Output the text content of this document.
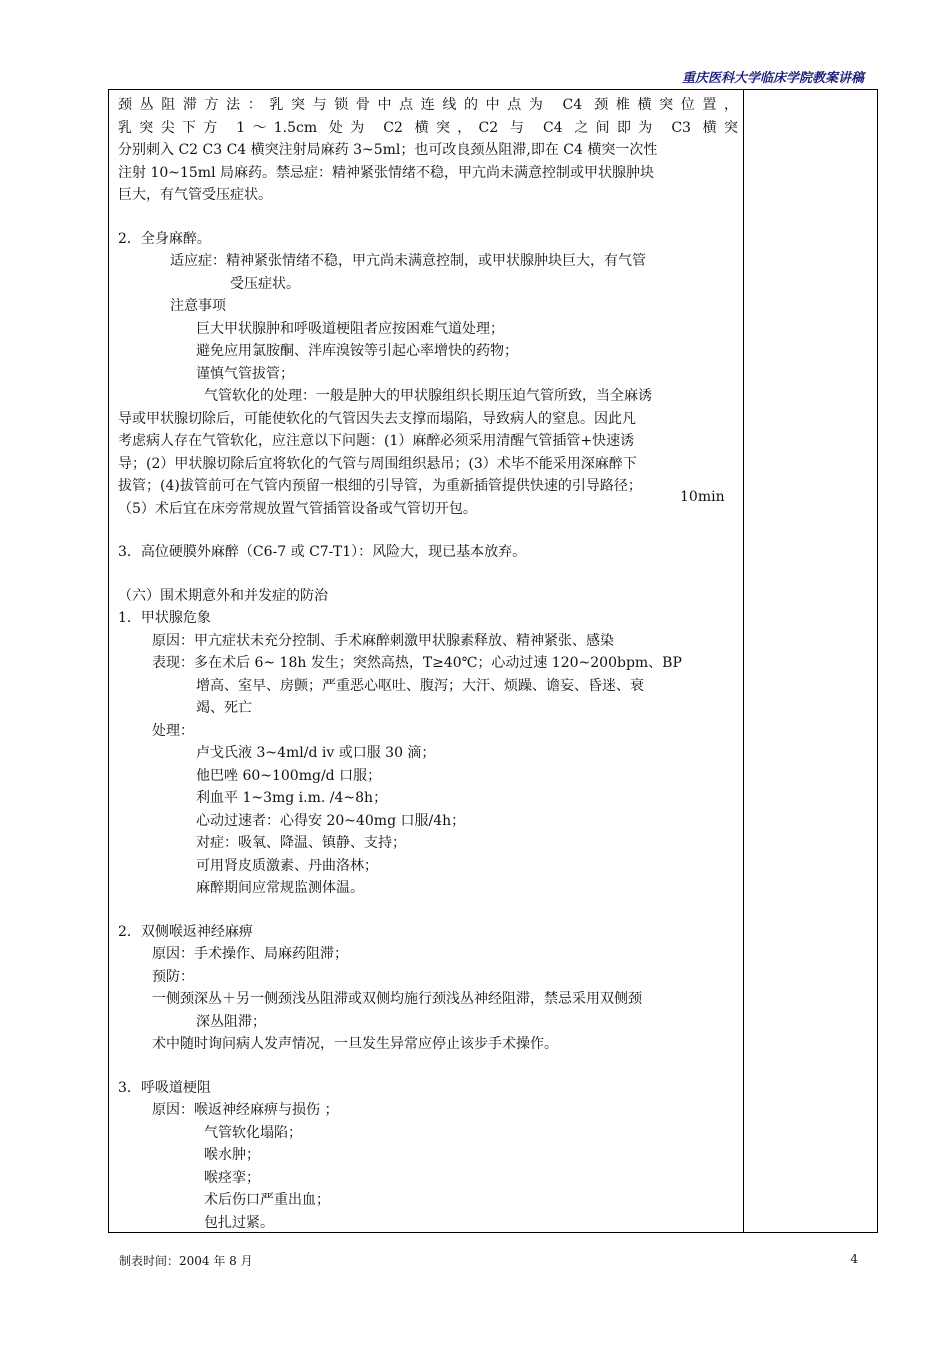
重庆医科大学临床学院教案讲稿
颈丛阻滞方法：乳突与锁骨中点连线的中点为 C4 颈椎横突位置，
乳突尖下方 1～1.5cm 处为 C2 横突，C2 与 C4 之间即为 C3 横突
分别刺入 C2 C3 C4 横突注射局麻药 3~5ml；也可改良颈丛阻滞,即在 C4 横突一次性
注射 10~15ml 局麻药。禁忌症：精神紧张情绪不稳，甲亢尚未满意控制或甲状腺肿块
巨大，有气管受压症状。
2．全身麻醉。
适应症：精神紧张情绪不稳，甲亢尚未满意控制，或甲状腺肿块巨大，有气管
受压症状。
注意事项
巨大甲状腺肿和呼吸道梗阻者应按困难气道处理；
避免应用氯胺酮、泮库溴铵等引起心率增快的药物；
谨慎气管拔管；
气管软化的处理：一般是肿大的甲状腺组织长期压迫气管所致，当全麻诱
导或甲状腺切除后，可能使软化的气管因失去支撑而塌陷，导致病人的窒息。因此凡
考虑病人存在气管软化，应注意以下问题：(1）麻醉必须采用清醒气管插管+快速诱
导；(2）甲状腺切除后宜将软化的气管与周围组织悬吊；(3）术毕不能采用深麻醉下
拔管；(4)拔管前可在气管内预留一根细的引导管，为重新插管提供快速的引导路径；
（5）术后宜在床旁常规放置气管插管设备或气管切开包。
3．高位硬膜外麻醉（C6-7 或 C7-T1）：风险大，现已基本放弃。
（六）围术期意外和并发症的防治
1．甲状腺危象
原因：甲亢症状未充分控制、手术麻醉刺激甲状腺素释放、精神紧张、感染
表现：多在术后 6~ 18h 发生；突然高热，T≥40℃；心动过速 120~200bpm、BP
增高、室早、房颤；严重恶心呕吐、腹泻；大汗、烦躁、谵妄、昏迷、衰
竭、死亡
处理：
卢戈氏液 3~4ml/d iv 或口服 30 滴；
他巴唑 60~100mg/d 口服；
利血平 1~3mg i.m. /4~8h；
心动过速者：心得安 20~40mg 口服/4h；
对症：吸氧、降温、镇静、支持；
可用肾皮质激素、丹曲洛林；
麻醉期间应常规监测体温。
2．双侧喉返神经麻痹
原因：手术操作、局麻药阻滞；
预防：
一侧颈深丛＋另一侧颈浅丛阻滞或双侧均施行颈浅丛神经阻滞，禁忌采用双侧颈
深丛阻滞；
术中随时询问病人发声情况，一旦发生异常应停止该步手术操作。
3．呼吸道梗阻
原因：喉返神经麻痹与损伤 ；
气管软化塌陷；
喉水肿；
喉痉挛；
术后伤口严重出血；
包扎过紧。
10min
制表时间：2004 年 8 月	4
